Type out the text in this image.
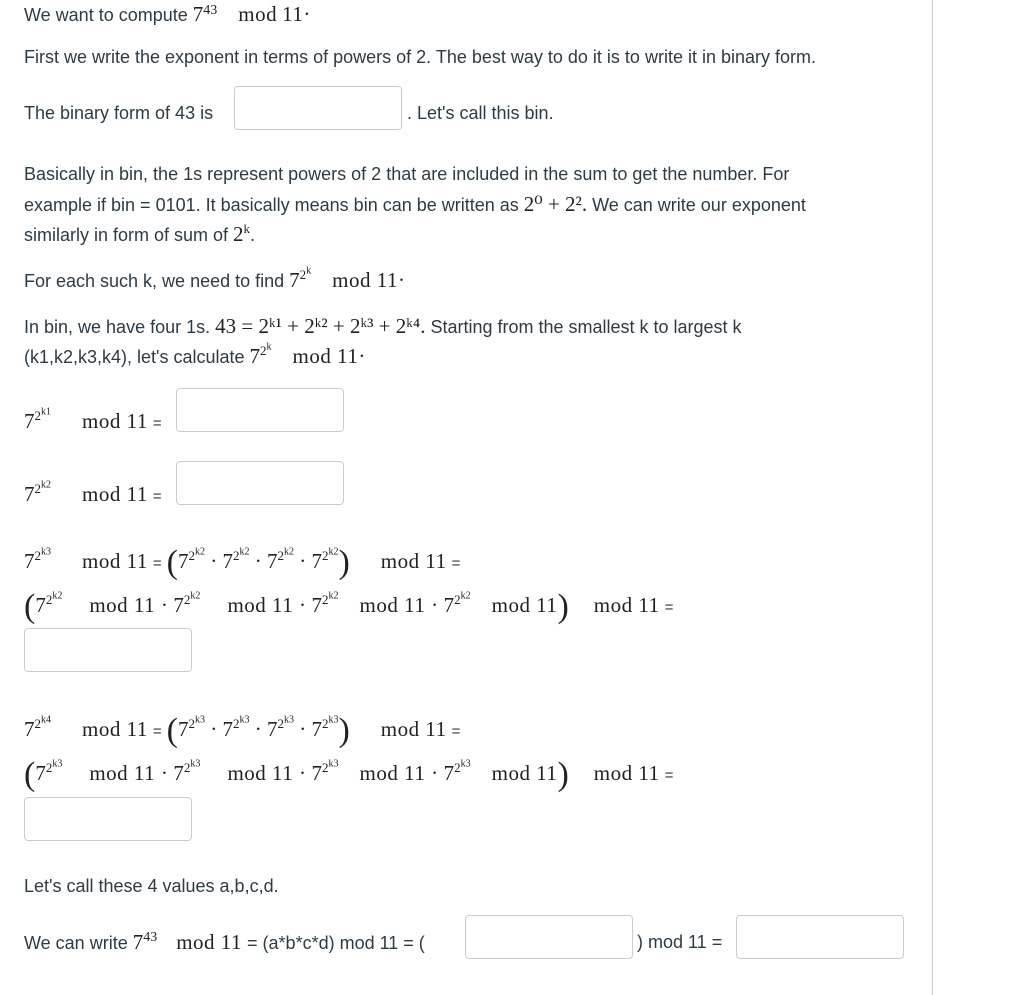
We want to compute $7^{43}$ mod 11·
First we write the exponent in terms of powers of 2. The best way to do it is to write it in binary form.
The binary form of 43 is	. Let's call this bin.
Basically in bin, the 1s represent powers of 2 that are included in the sum to get the number. For
example if bin = 0101. It basically means bin can be written as 2⁰ + 2². We can write our exponent
similarly in form of sum of 2$^k$.
For each such k, we need to find $7^{2^k}$ mod 11·
In bin, we have four 1s. 43 = 2ᵏ¹ + 2ᵏ² + 2ᵏ³ + 2ᵏ⁴. Starting from the smallest k to largest k
(k1,k2,k3,k4), let's calculate $7^{2^k}$ mod 11·
$7^{2^{k1}}$ mod 11 =
$7^{2^{k2}}$ mod 11 =
$7^{2^{k3}}$ mod $11 = (7^{2^{k2}} \cdot 7^{2^{k2}} \cdot 7^{2^{k2}} \cdot 7^{2^{k2}})$ mod 11 =
($7^{2^{k2}}$ mod $11 \cdot 7^{2^{k2}}$ mod $11 \cdot 7^{2^{k2}}$ mod $11 \cdot 7^{2^{k2}}$ mod 11) mod 11 =
$7^{2^{k4}}$ mod $11 = (7^{2^{k3}} \cdot 7^{2^{k3}} \cdot 7^{2^{k3}} \cdot 7^{2^{k3}})$ mod 11 =
($7^{2^{k3}}$ mod $11 \cdot 7^{2^{k3}}$ mod $11 \cdot 7^{2^{k3}}$ mod $11 \cdot 7^{2^{k3}}$ mod 11) mod 11 =
Let's call these 4 values a,b,c,d.
We can write $7^{43}$ mod 11 = (a*b*c*d) mod 11 = (	) mod 11 =
